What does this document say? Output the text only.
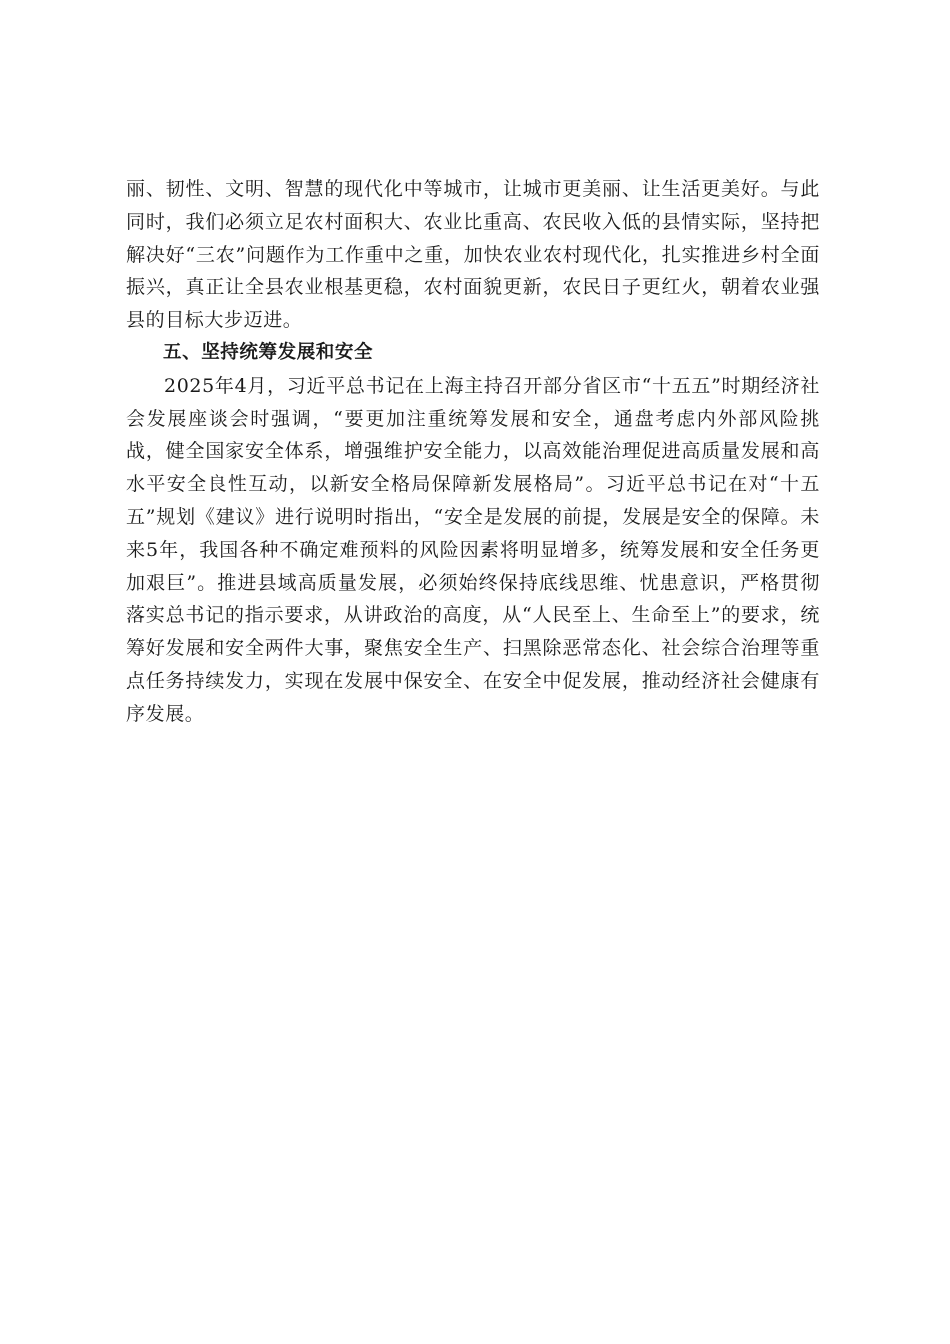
丽、韧性、文明、智慧的现代化中等城市，让城市更美丽、让生活更美好。与此同时，我们必须立足农村面积大、农业比重高、农民收入低的县情实际，坚持把解决好“三农”问题作为工作重中之重，加快农业农村现代化，扎实推进乡村全面振兴，真正让全县农业根基更稳，农村面貌更新，农民日子更红火，朝着农业强县的目标大步迈进。

五、坚持统筹发展和安全

2025年4月，习近平总书记在上海主持召开部分省区市“十五五”时期经济社会发展座谈会时强调，“要更加注重统筹发展和安全，通盘考虑内外部风险挑战，健全国家安全体系，增强维护安全能力，以高效能治理促进高质量发展和高水平安全良性互动，以新安全格局保障新发展格局”。习近平总书记在对“十五五”规划《建议》进行说明时指出，“安全是发展的前提，发展是安全的保障。未来5年，我国各种不确定难预料的风险因素将明显增多，统筹发展和安全任务更加艰巨”。推进县域高质量发展，必须始终保持底线思维、忧患意识，严格贯彻落实总书记的指示要求，从讲政治的高度，从“人民至上、生命至上”的要求，统筹好发展和安全两件大事，聚焦安全生产、扫黑除恶常态化、社会综合治理等重点任务持续发力，实现在发展中保安全、在安全中促发展，推动经济社会健康有序发展。
